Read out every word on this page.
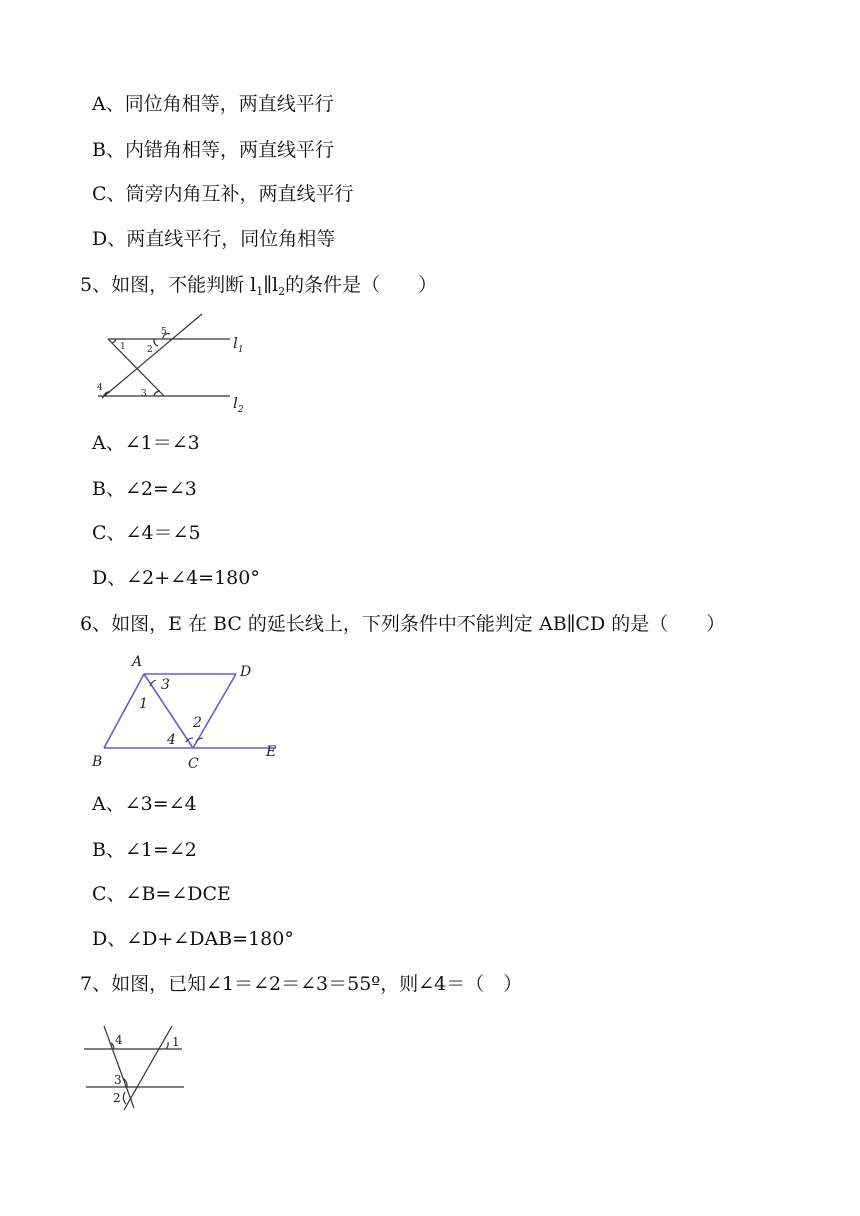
A、同位角相等，两直线平行
B、内错角相等，两直线平行
C、筒旁内角互补，两直线平行
D、两直线平行，同位角相等
5、如图，不能判断 $l_1\parallel l_2$的条件是（　　）
1 2
3
4
5
$l_1$
$l_2$
A、∠1＝∠3
B、∠2=∠3
C、∠4＝∠5
D、∠2+∠4=180°
6、如图，E 在 BC 的延长线上，下列条件中不能判定 AB∥CD 的是（　　）
A
D
B	C
E
1
2
3
4
A、∠3=∠4
B、∠1=∠2
C、∠B=∠DCE
D、∠D+∠DAB=180°
7、如图，已知∠1＝∠2＝∠3＝55º，则∠4＝（　）
4	1
3
2
